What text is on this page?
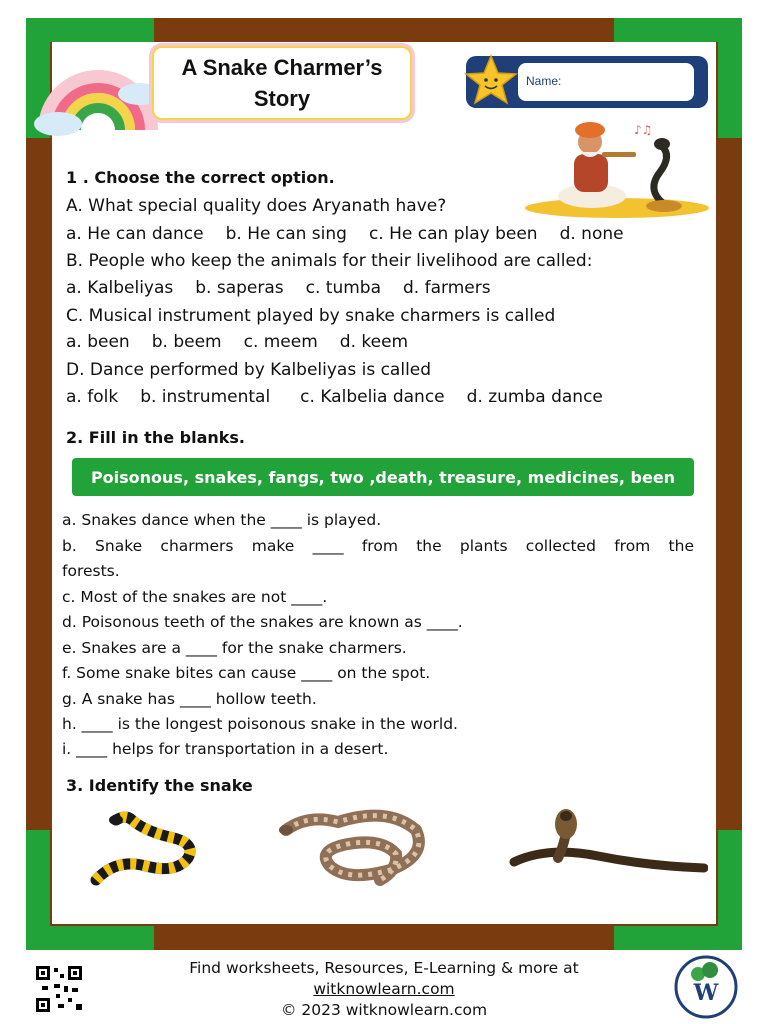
A Snake Charmer’s
Story
Name:
♪♫
1 . Choose the correct option.
A. What special quality does Aryanath have?
a. He can dance b. He can sing c. He can play been d. none
B. People who keep the animals for their livelihood are called:
a. Kalbeliyas b. saperas c. tumba d. farmers
C. Musical instrument played by snake charmers is called
a. been b. beem c. meem d. keem
D. Dance performed by Kalbeliyas is called
a. folk b. instrumental c. Kalbelia dance d. zumba dance
2. Fill in the blanks.
Poisonous, snakes, fangs, two ,death, treasure, medicines, been
a. Snakes dance when the ____ is played.
b. Snake charmers make ____ from the plants collected from the
forests.
c. Most of the snakes are not ____.
d. Poisonous teeth of the snakes are known as ____.
e. Snakes are a ____ for the snake charmers.
f. Some snake bites can cause ____ on the spot.
g. A snake has ____ hollow teeth.
h. ____ is the longest poisonous snake in the world.
i. ____ helps for transportation in a desert.
3. Identify the snake
Find worksheets, Resources, E-Learning & more at
witknowlearn.com
© 2023 witknowlearn.com
W
